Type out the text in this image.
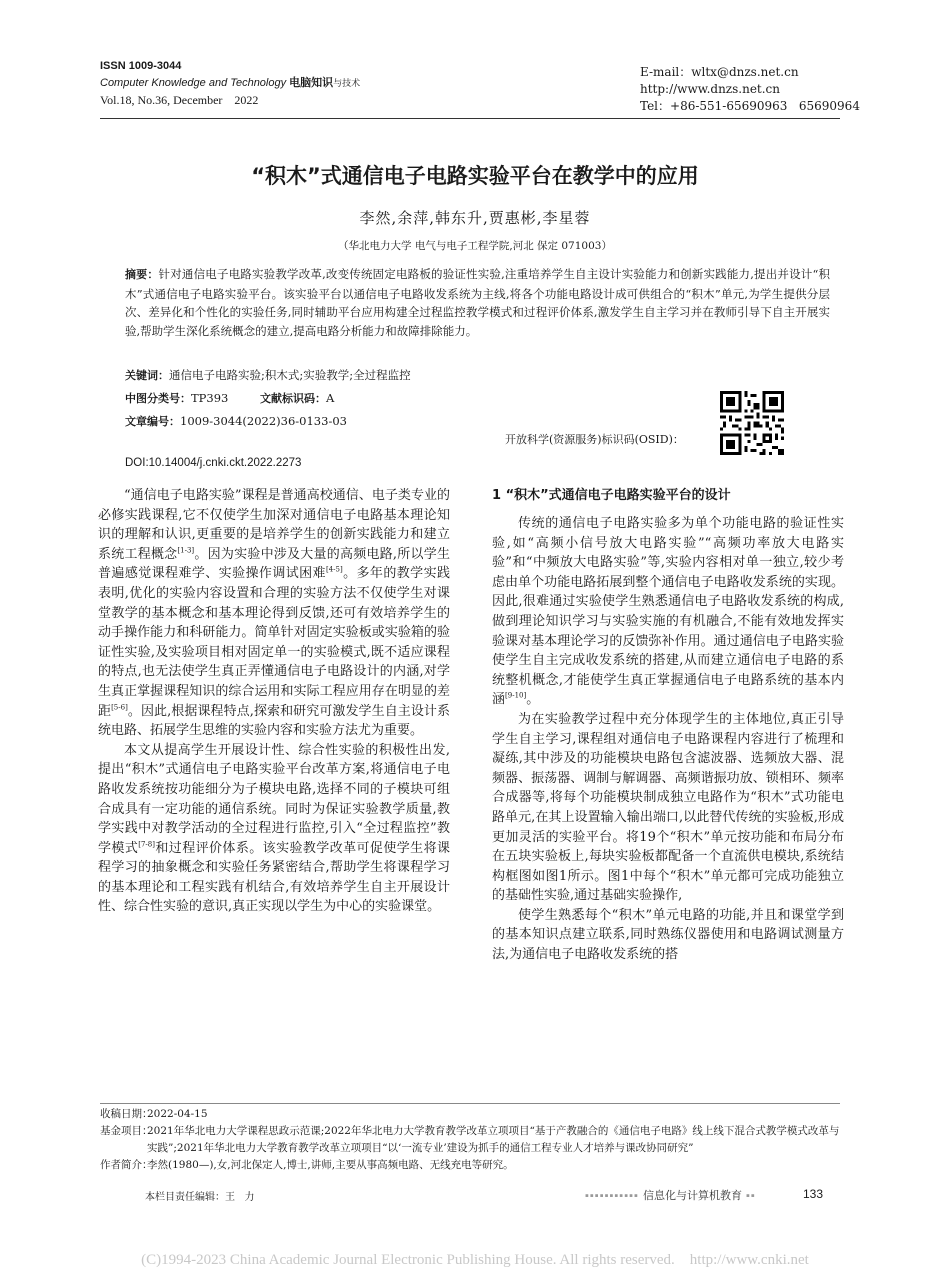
ISSN 1009-3044
Computer Knowledge and Technology 电脑知识与技术
Vol.18, No.36, December    2022
E-mail：wltx@dnzs.net.cn
http://www.dnzs.net.cn
Tel：+86-551-65690963   65690964
“积木”式通信电子电路实验平台在教学中的应用
李然,余萍,韩东升,贾惠彬,李星蓉
（华北电力大学 电气与电子工程学院,河北 保定 071003）
摘要：针对通信电子电路实验教学改革,改变传统固定电路板的验证性实验,注重培养学生自主设计实验能力和创新实践能力,提出并设计“积木”式通信电子电路实验平台。该实验平台以通信电子电路收发系统为主线,将各个功能电路设计成可供组合的“积木”单元,为学生提供分层次、差异化和个性化的实验任务,同时辅助平台应用构建全过程监控教学模式和过程评价体系,激发学生自主学习并在教师引导下自主开展实验,帮助学生深化系统概念的建立,提高电路分析能力和故障排除能力。
关键词：通信电子电路实验;积木式;实验教学;全过程监控
中图分类号：TP393	文献标识码：A
文章编号：1009-3044(2022)36-0133-03
开放科学(资源服务)标识码(OSID)：
DOI:10.14004/j.cnki.ckt.2022.2273

“通信电子电路实验”课程是普通高校通信、电子类专业的必修实践课程,它不仅使学生加深对通信电子电路基本理论知识的理解和认识,更重要的是培养学生的创新实践能力和建立系统工程概念[1-3]。因为实验中涉及大量的高频电路,所以学生普遍感觉课程难学、实验操作调试困难[4-5]。多年的教学实践表明,优化的实验内容设置和合理的实验方法不仅使学生对课堂教学的基本概念和基本理论得到反馈,还可有效培养学生的动手操作能力和科研能力。简单针对固定实验板或实验箱的验证性实验,及实验项目相对固定单一的实验模式,既不适应课程的特点,也无法使学生真正弄懂通信电子电路设计的内涵,对学生真正掌握课程知识的综合运用和实际工程应用存在明显的差距[5-6]。因此,根据课程特点,探索和研究可激发学生自主设计系统电路、拓展学生思维的实验内容和实验方法尤为重要。

本文从提高学生开展设计性、综合性实验的积极性出发,提出“积木”式通信电子电路实验平台改革方案,将通信电子电路收发系统按功能细分为子模块电路,选择不同的子模块可组合成具有一定功能的通信系统。同时为保证实验教学质量,教学实践中对教学活动的全过程进行监控,引入“全过程监控”教学模式[7-8]和过程评价体系。该实验教学改革可促使学生将课程学习的抽象概念和实验任务紧密结合,帮助学生将课程学习的基本理论和工程实践有机结合,有效培养学生自主开展设计性、综合性实验的意识,真正实现以学生为中心的实验课堂。

1 “积木”式通信电子电路实验平台的设计

传统的通信电子电路实验多为单个功能电路的验证性实验,如“高频小信号放大电路实验”“高频功率放大电路实验”和“中频放大电路实验”等,实验内容相对单一独立,较少考虑由单个功能电路拓展到整个通信电子电路收发系统的实现。因此,很难通过实验使学生熟悉通信电子电路收发系统的构成,做到理论知识学习与实验实施的有机融合,不能有效地发挥实验课对基本理论学习的反馈弥补作用。通过通信电子电路实验使学生自主完成收发系统的搭建,从而建立通信电子电路的系统整机概念,才能使学生真正掌握通信电子电路系统的基本内涵[9-10]。

为在实验教学过程中充分体现学生的主体地位,真正引导学生自主学习,课程组对通信电子电路课程内容进行了梳理和凝练,其中涉及的功能模块电路包含滤波器、选频放大器、混频器、振荡器、调制与解调器、高频谐振功放、锁相环、频率合成器等,将每个功能模块制成独立电路作为“积木”式功能电路单元,在其上设置输入输出端口,以此替代传统的实验板,形成更加灵活的实验平台。将19个“积木”单元按功能和布局分布在五块实验板上,每块实验板都配备一个直流供电模块,系统结构框图如图1所示。图1中每个“积木”单元都可完成功能独立的基础性实验,通过基础实验操作,

使学生熟悉每个“积木”单元电路的功能,并且和课堂学到的基本知识点建立联系,同时熟练仪器使用和电路调试测量方法,为通信电子电路收发系统的搭

收稿日期：
2022-04-15
基金项目：
2021年华北电力大学课程思政示范课;2022年华北电力大学教育教学改革立项项目“基于产教融合的《通信电子电路》线上线下混合式教学模式改革与实践”;2021年华北电力大学教育教学改革立项项目“以‘一流专业’建设为抓手的通信工程专业人才培养与课改协同研究”
作者简介：
李然(1980—),女,河北保定人,博士,讲师,主要从事高频电路、无线充电等研究。
本栏目责任编辑：王   力	▪▪▪▪▪▪▪▪▪▪▪ 信息化与计算机教育 ▪▪	133
(C)1994-2023 China Academic Journal Electronic Publishing House. All rights reserved.    http://www.cnki.net
